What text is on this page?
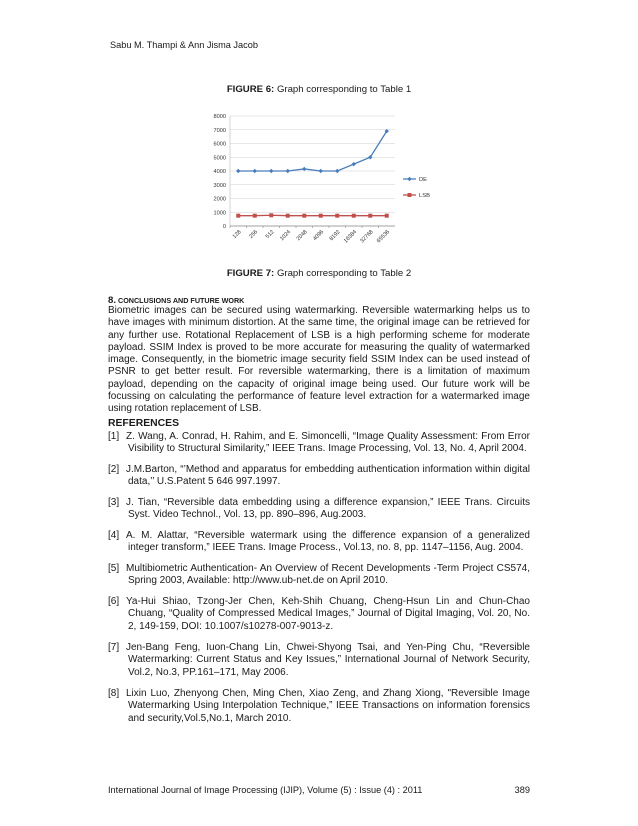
Sabu M. Thampi & Ann Jisma Jacob
FIGURE 6: Graph corresponding to Table 1
0
1000
2000
3000
4000
5000
6000
7000
8000
128 256 512 1024 2048 4096 8192 16384 32768 65536
DE
LSB
FIGURE 7: Graph corresponding to Table 2
8. CONCLUSIONS AND FUTURE WORK
Biometric images can be secured using watermarking. Reversible watermarking helps us to have images with minimum distortion. At the same time, the original image can be retrieved for any further use. Rotational Replacement of LSB is a high performing scheme for moderate payload. SSIM Index is proved to be more accurate for measuring the quality of watermarked image. Consequently, in the biometric image security field SSIM Index can be used instead of PSNR to get better result. For reversible watermarking, there is a limitation of maximum payload, depending on the capacity of original image being used. Our future work will be focussing on calculating the performance of feature level extraction for a watermarked image using rotation replacement of LSB.
REFERENCES
[1] Z. Wang, A. Conrad, H. Rahim, and E. Simoncelli, “Image Quality Assessment: From Error Visibility to Structural Similarity,” IEEE Trans. Image Processing, Vol. 13, No. 4, April 2004.
[2] J.M.Barton, “’Method and apparatus for embedding authentication information within digital data,’’ U.S.Patent 5 646 997.1997.
[3] J. Tian, “Reversible data embedding using a difference expansion,” IEEE Trans. Circuits Syst. Video Technol., Vol. 13, pp. 890–896, Aug.2003.
[4] A. M. Alattar, “Reversible watermark using the difference expansion of a generalized integer transform,” IEEE Trans. Image Process., Vol.13, no. 8, pp. 1147–1156, Aug. 2004.
[5] Multibiometric Authentication- An Overview of Recent Developments -Term Project CS574, Spring 2003, Available: http://www.ub-net.de on April 2010.
[6] Ya-Hui Shiao, Tzong-Jer Chen, Keh-Shih Chuang, Cheng-Hsun Lin and Chun-Chao Chuang, “Quality of Compressed Medical Images,” Journal of Digital Imaging, Vol. 20, No. 2, 149-159, DOI: 10.1007/s10278-007-9013-z.
[7] Jen-Bang Feng, Iuon-Chang Lin, Chwei-Shyong Tsai, and Yen-Ping Chu, “Reversible Watermarking: Current Status and Key Issues,” International Journal of Network Security, Vol.2, No.3, PP.161–171, May 2006.
[8] Lixin Luo, Zhenyong Chen, Ming Chen, Xiao Zeng, and Zhang Xiong, "Reversible Image Watermarking Using Interpolation Technique,” IEEE Transactions on information forensics and security,Vol.5,No.1, March 2010.
International Journal of Image Processing (IJIP), Volume (5) : Issue (4) : 2011	389
